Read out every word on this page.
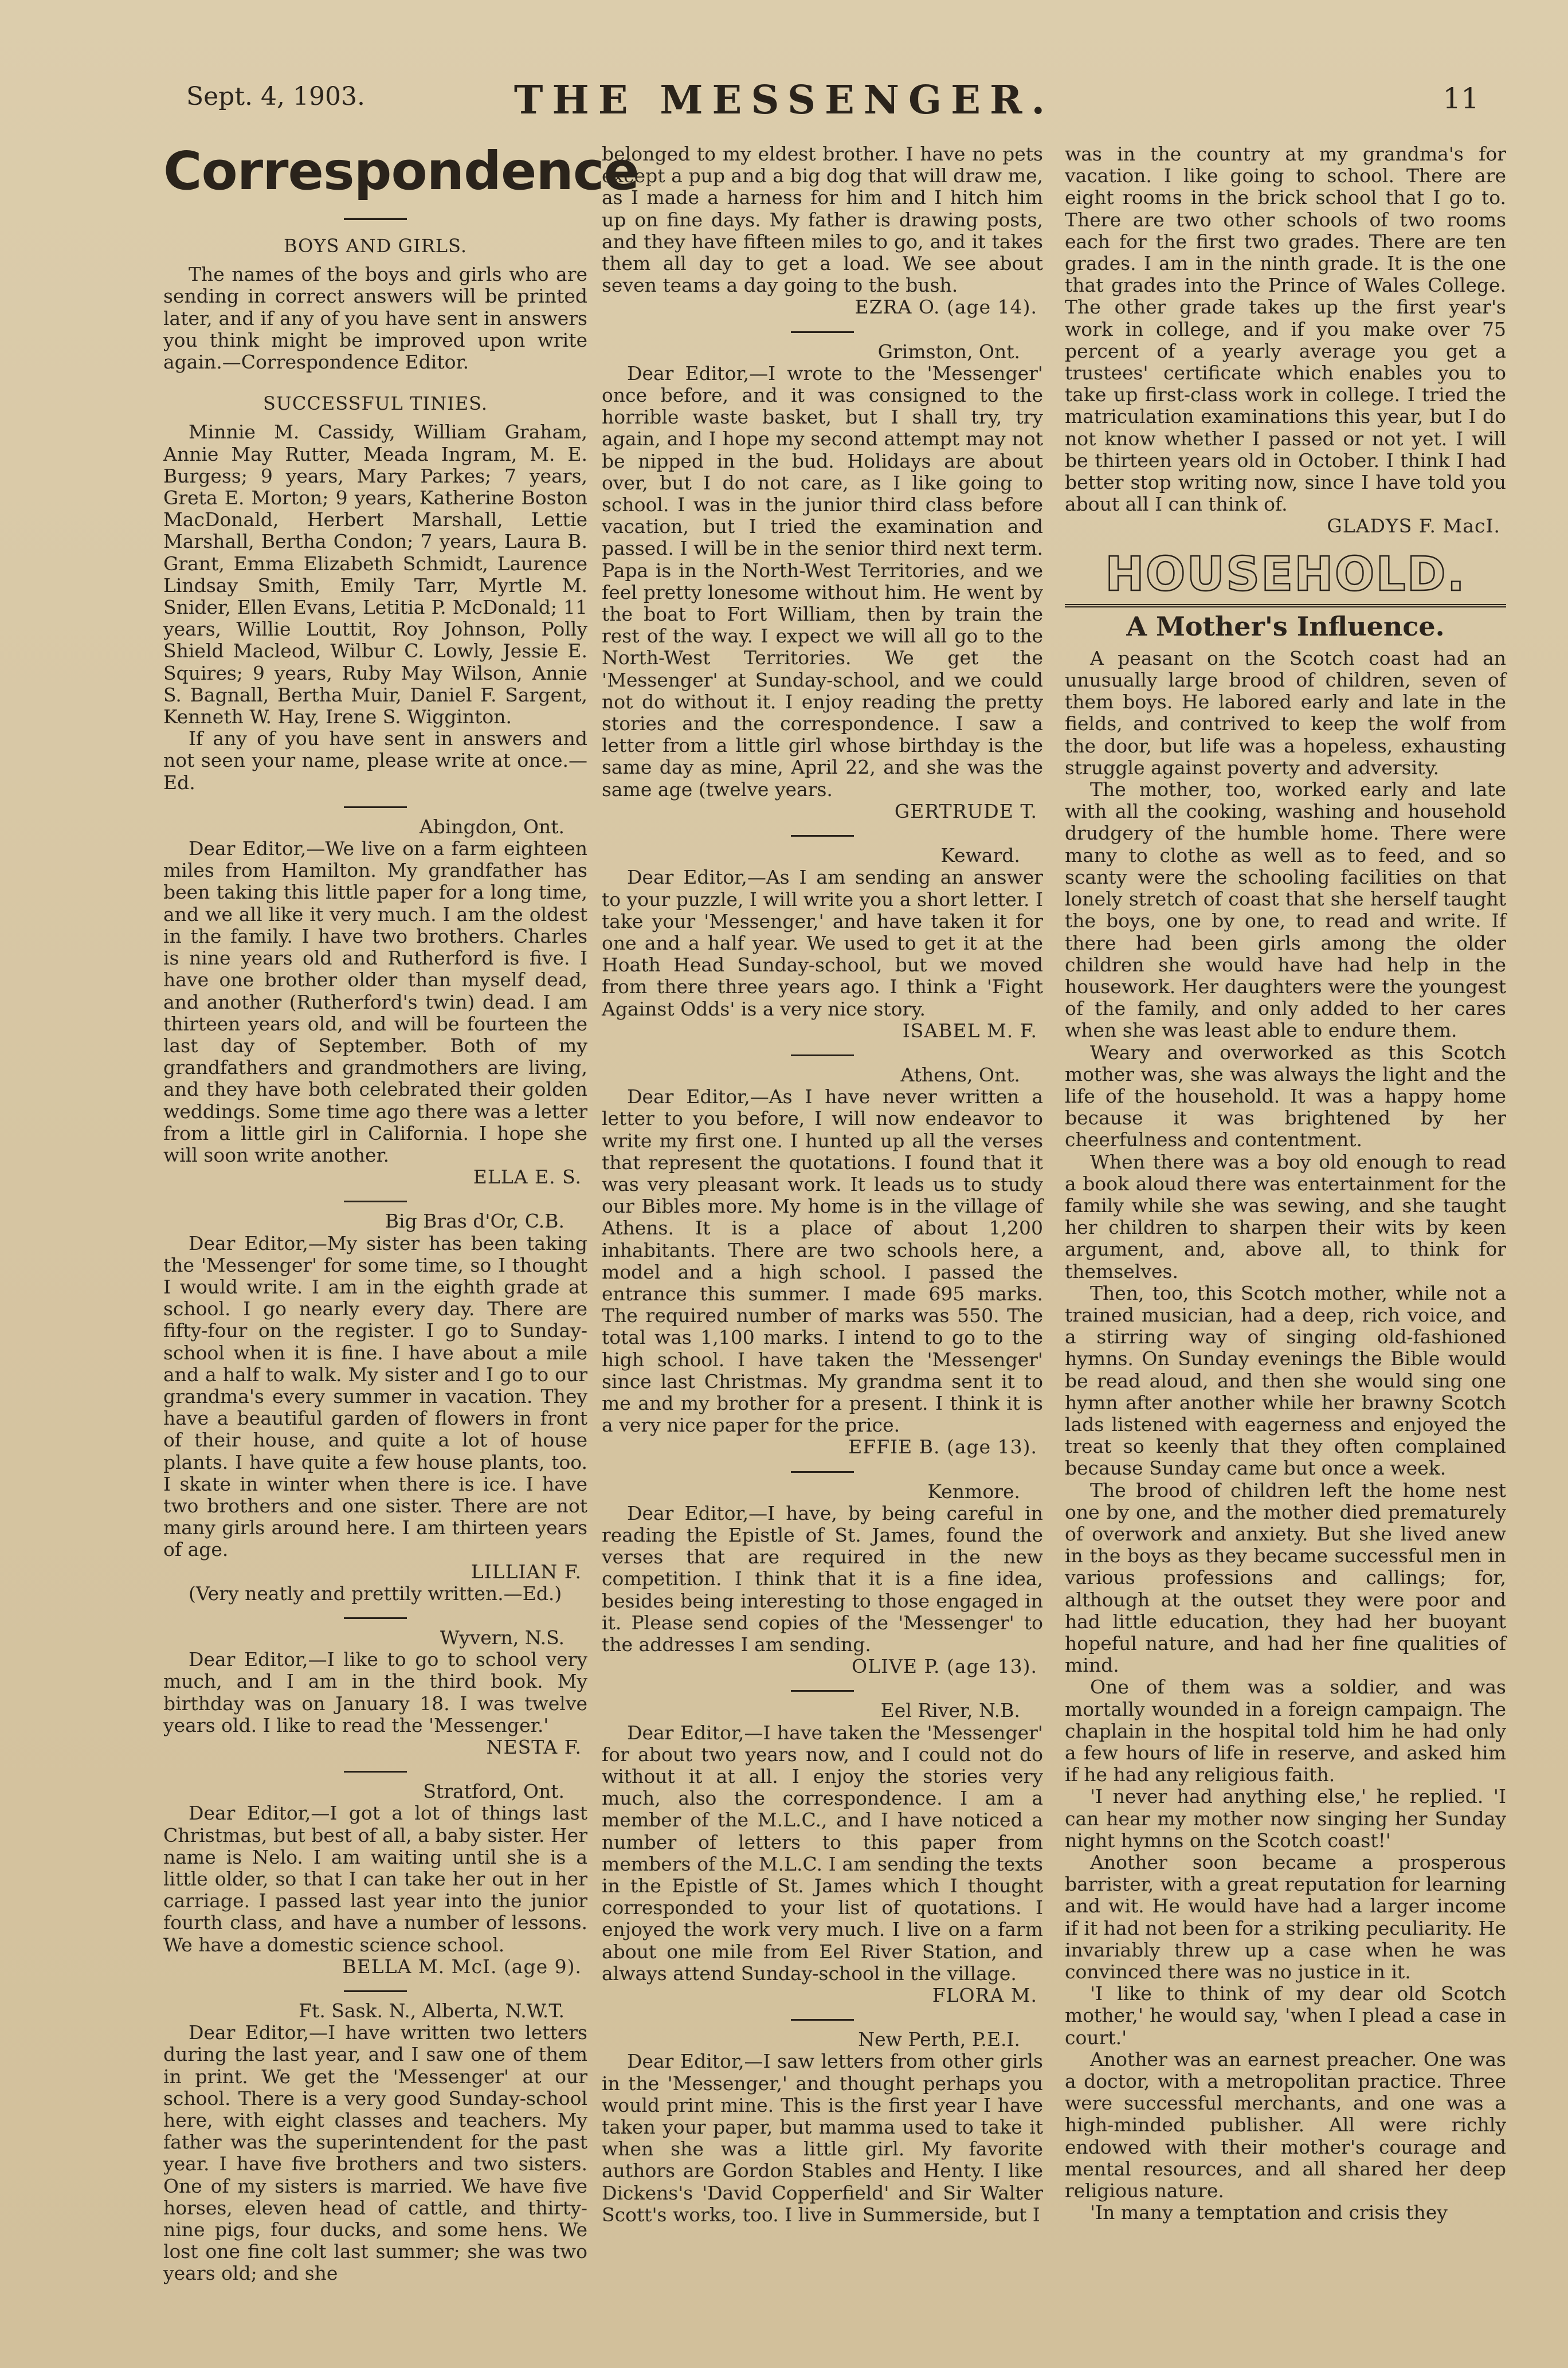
Sept. 4, 1903.	THE MESSENGER.	11
Correspondence
BOYS AND GIRLS.

The names of the boys and girls who are sending in correct answers will be printed later, and if any of you have sent in answers you think might be improved upon write again.—Correspondence Editor.

SUCCESSFUL TINIES.

Minnie M. Cassidy, William Graham, Annie May Rutter, Meada Ingram, M. E. Burgess; 9 years, Mary Parkes; 7 years, Greta E. Morton; 9 years, Katherine Boston MacDonald, Herbert Marshall, Lettie Marshall, Bertha Condon; 7 years, Laura B. Grant, Emma Elizabeth Schmidt, Laurence Lindsay Smith, Emily Tarr, Myrtle M. Snider, Ellen Evans, Letitia P. McDonald; 11 years, Willie Louttit, Roy Johnson, Polly Shield Macleod, Wilbur C. Lowly, Jessie E. Squires; 9 years, Ruby May Wilson, Annie S. Bagnall, Bertha Muir, Daniel F. Sargent, Kenneth W. Hay, Irene S. Wigginton.

If any of you have sent in answers and not seen your name, please write at once.—Ed.

Abingdon, Ont.

Dear Editor,—We live on a farm eighteen miles from Hamilton. My grandfather has been taking this little paper for a long time, and we all like it very much. I am the oldest in the family. I have two brothers. Charles is nine years old and Rutherford is five. I have one brother older than myself dead, and another (Rutherford's twin) dead. I am thirteen years old, and will be fourteen the last day of September. Both of my grandfathers and grandmothers are living, and they have both celebrated their golden weddings. Some time ago there was a letter from a little girl in California. I hope she will soon write another.

ELLA E. S.
Big Bras d'Or, C.B.

Dear Editor,—My sister has been taking the 'Messenger' for some time, so I thought I would write. I am in the eighth grade at school. I go nearly every day. There are fifty-four on the register. I go to Sunday-school when it is fine. I have about a mile and a half to walk. My sister and I go to our grandma's every summer in vacation. They have a beautiful garden of flowers in front of their house, and quite a lot of house plants. I have quite a few house plants, too. I skate in winter when there is ice. I have two brothers and one sister. There are not many girls around here. I am thirteen years of age.

LILLIAN F.

(Very neatly and prettily written.—Ed.)

Wyvern, N.S.

Dear Editor,—I like to go to school very much, and I am in the third book. My birthday was on January 18. I was twelve years old. I like to read the 'Messenger.'

NESTA F.
Stratford, Ont.

Dear Editor,—I got a lot of things last Christmas, but best of all, a baby sister. Her name is Nelo. I am waiting until she is a little older, so that I can take her out in her carriage. I passed last year into the junior fourth class, and have a number of lessons. We have a domestic science school.

BELLA M. McI. (age 9).
Ft. Sask. N., Alberta, N.W.T.

Dear Editor,—I have written two letters during the last year, and I saw one of them in print. We get the 'Messenger' at our school. There is a very good Sunday-school here, with eight classes and teachers. My father was the superintendent for the past year. I have five brothers and two sisters. One of my sisters is married. We have five horses, eleven head of cattle, and thirty-nine pigs, four ducks, and some hens. We lost one fine colt last summer; she was two years old; and she

belonged to my eldest brother. I have no pets except a pup and a big dog that will draw me, as I made a harness for him and I hitch him up on fine days. My father is drawing posts, and they have fifteen miles to go, and it takes them all day to get a load. We see about seven teams a day going to the bush.

EZRA O. (age 14).
Grimston, Ont.

Dear Editor,—I wrote to the 'Messenger' once before, and it was consigned to the horrible waste basket, but I shall try, try again, and I hope my second attempt may not be nipped in the bud. Holidays are about over, but I do not care, as I like going to school. I was in the junior third class before vacation, but I tried the examination and passed. I will be in the senior third next term. Papa is in the North-West Territories, and we feel pretty lonesome without him. He went by the boat to Fort William, then by train the rest of the way. I expect we will all go to the North-West Territories. We get the 'Messenger' at Sunday-school, and we could not do without it. I enjoy reading the pretty stories and the correspondence. I saw a letter from a little girl whose birthday is the same day as mine, April 22, and she was the same age (twelve years.

GERTRUDE T.
Keward.

Dear Editor,—As I am sending an answer to your puzzle, I will write you a short letter. I take your 'Messenger,' and have taken it for one and a half year. We used to get it at the Hoath Head Sunday-school, but we moved from there three years ago. I think a 'Fight Against Odds' is a very nice story.

ISABEL M. F.
Athens, Ont.

Dear Editor,—As I have never written a letter to you before, I will now endeavor to write my first one. I hunted up all the verses that represent the quotations. I found that it was very pleasant work. It leads us to study our Bibles more. My home is in the village of Athens. It is a place of about 1,200 inhabitants. There are two schools here, a model and a high school. I passed the entrance this summer. I made 695 marks. The required number of marks was 550. The total was 1,100 marks. I intend to go to the high school. I have taken the 'Messenger' since last Christmas. My grandma sent it to me and my brother for a present. I think it is a very nice paper for the price.

EFFIE B. (age 13).
Kenmore.

Dear Editor,—I have, by being careful in reading the Epistle of St. James, found the verses that are required in the new competition. I think that it is a fine idea, besides being interesting to those engaged in it. Please send copies of the 'Messenger' to the addresses I am sending.

OLIVE P. (age 13).
Eel River, N.B.

Dear Editor,—I have taken the 'Messenger' for about two years now, and I could not do without it at all. I enjoy the stories very much, also the correspondence. I am a member of the M.L.C., and I have noticed a number of letters to this paper from members of the M.L.C. I am sending the texts in the Epistle of St. James which I thought corresponded to your list of quotations. I enjoyed the work very much. I live on a farm about one mile from Eel River Station, and always attend Sunday-school in the village.

FLORA M.
New Perth, P.E.I.

Dear Editor,—I saw letters from other girls in the 'Messenger,' and thought perhaps you would print mine. This is the first year I have taken your paper, but mamma used to take it when she was a little girl. My favorite authors are Gordon Stables and Henty. I like Dickens's 'David Copperfield' and Sir Walter Scott's works, too. I live in Summerside, but I

was in the country at my grandma's for vacation. I like going to school. There are eight rooms in the brick school that I go to. There are two other schools of two rooms each for the first two grades. There are ten grades. I am in the ninth grade. It is the one that grades into the Prince of Wales College. The other grade takes up the first year's work in college, and if you make over 75 percent of a yearly average you get a trustees' certificate which enables you to take up first-class work in college. I tried the matriculation examinations this year, but I do not know whether I passed or not yet. I will be thirteen years old in October. I think I had better stop writing now, since I have told you about all I can think of.

GLADYS F. MacI.
HOUSEHOLD.
A Mother's Influence.

A peasant on the Scotch coast had an unusually large brood of children, seven of them boys. He labored early and late in the fields, and contrived to keep the wolf from the door, but life was a hopeless, exhausting struggle against poverty and adversity.

The mother, too, worked early and late with all the cooking, washing and household drudgery of the humble home. There were many to clothe as well as to feed, and so scanty were the schooling facilities on that lonely stretch of coast that she herself taught the boys, one by one, to read and write. If there had been girls among the older children she would have had help in the housework. Her daughters were the youngest of the family, and only added to her cares when she was least able to endure them.

Weary and overworked as this Scotch mother was, she was always the light and the life of the household. It was a happy home because it was brightened by her cheerfulness and contentment.

When there was a boy old enough to read a book aloud there was entertainment for the family while she was sewing, and she taught her children to sharpen their wits by keen argument, and, above all, to think for themselves.

Then, too, this Scotch mother, while not a trained musician, had a deep, rich voice, and a stirring way of singing old-fashioned hymns. On Sunday evenings the Bible would be read aloud, and then she would sing one hymn after another while her brawny Scotch lads listened with eagerness and enjoyed the treat so keenly that they often complained because Sunday came but once a week.

The brood of children left the home nest one by one, and the mother died prematurely of overwork and anxiety. But she lived anew in the boys as they became successful men in various professions and callings; for, although at the outset they were poor and had little education, they had her buoyant hopeful nature, and had her fine qualities of mind.

One of them was a soldier, and was mortally wounded in a foreign campaign. The chaplain in the hospital told him he had only a few hours of life in reserve, and asked him if he had any religious faith.

'I never had anything else,' he replied. 'I can hear my mother now singing her Sunday night hymns on the Scotch coast!'

Another soon became a prosperous barrister, with a great reputation for learning and wit. He would have had a larger income if it had not been for a striking peculiarity. He invariably threw up a case when he was convinced there was no justice in it.

'I like to think of my dear old Scotch mother,' he would say, 'when I plead a case in court.'

Another was an earnest preacher. One was a doctor, with a metropolitan practice. Three were successful merchants, and one was a high-minded publisher. All were richly endowed with their mother's courage and mental resources, and all shared her deep religious nature.

'In many a temptation and crisis they
